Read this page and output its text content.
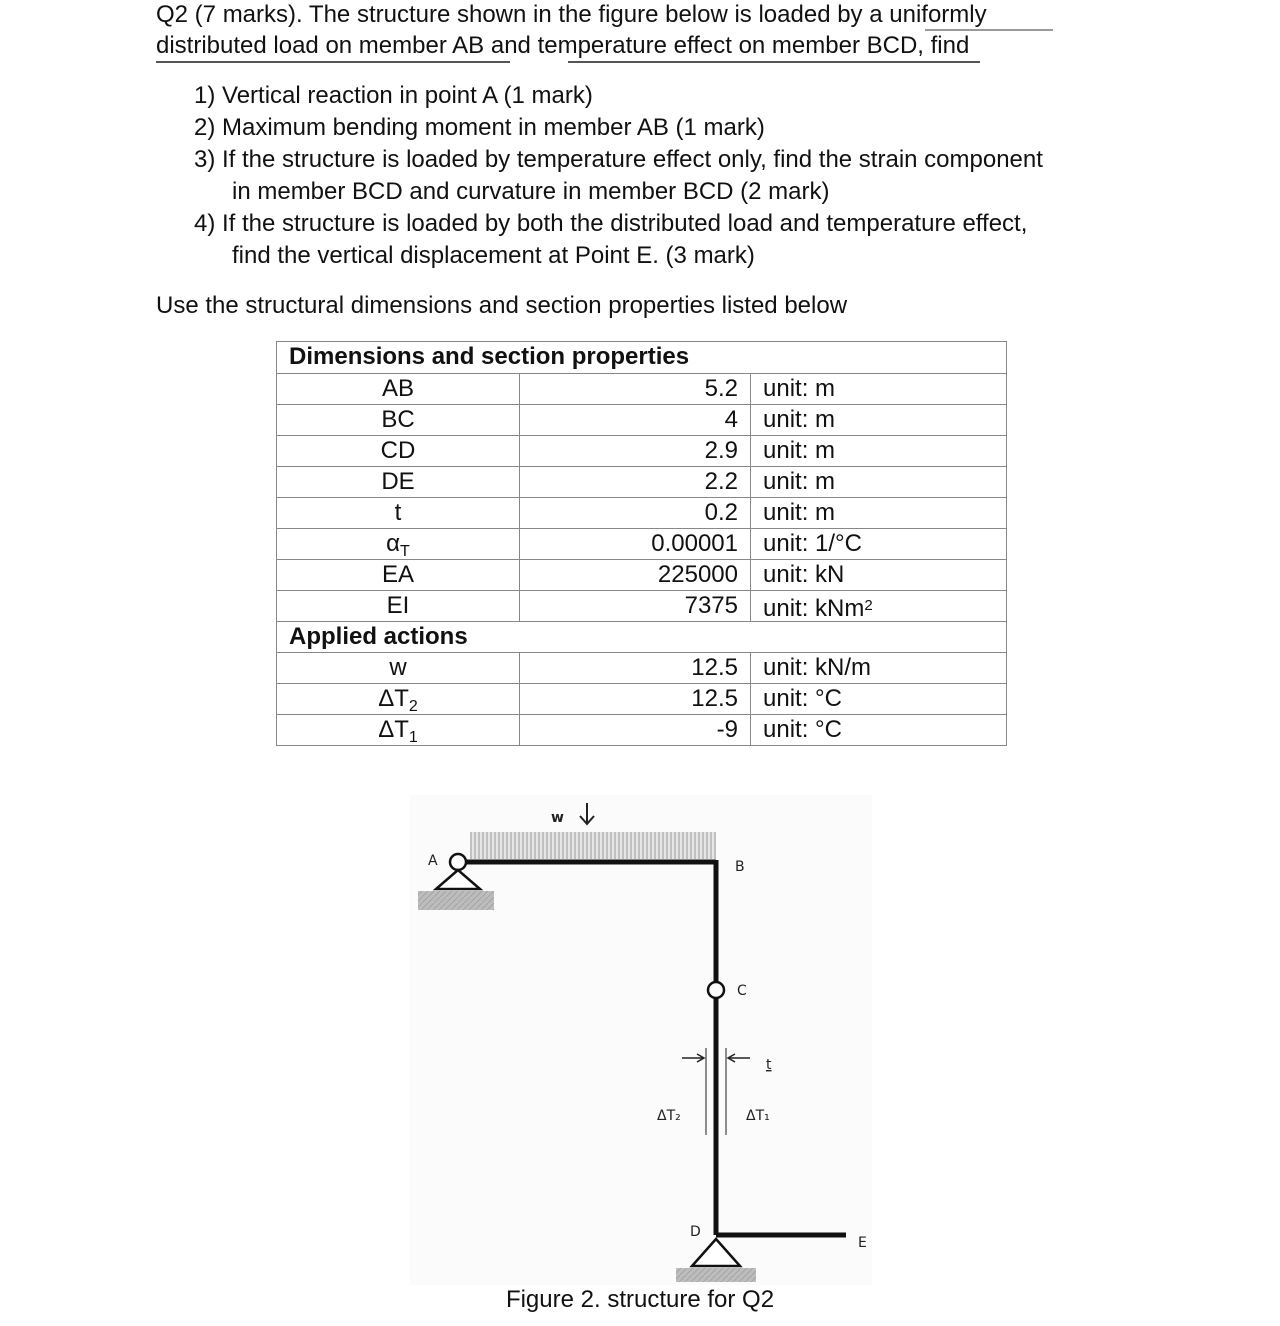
Q2 (7 marks). The structure shown in the figure below is loaded by a uniformly
distributed load on member AB and temperature effect on member BCD, find
1) Vertical reaction in point A (1 mark)
2) Maximum bending moment in member AB (1 mark)
3) If the structure is loaded by temperature effect only, find the strain component
in member BCD and curvature in member BCD (2 mark)
4) If the structure is loaded by both the distributed load and temperature effect,
find the vertical displacement at Point E. (3 mark)
Use the structural dimensions and section properties listed below
Dimensions and section properties
AB	5.2	unit: m
BC	4	unit: m
CD	2.9	unit: m
DE	2.2	unit: m
t	0.2	unit: m
$\alpha_T$	0.00001	unit: 1/°C
EA	225000	unit: kN
EI	7375	unit: kNm$^2$
Applied actions
w	12.5	unit: kN/m
$\Delta T_2$	12.5	unit: °C
$\Delta T_1$	-9	unit: °C
w
A	B
C
D
E
t
ΔT₂	ΔT₁
Figure 2. structure for Q2
